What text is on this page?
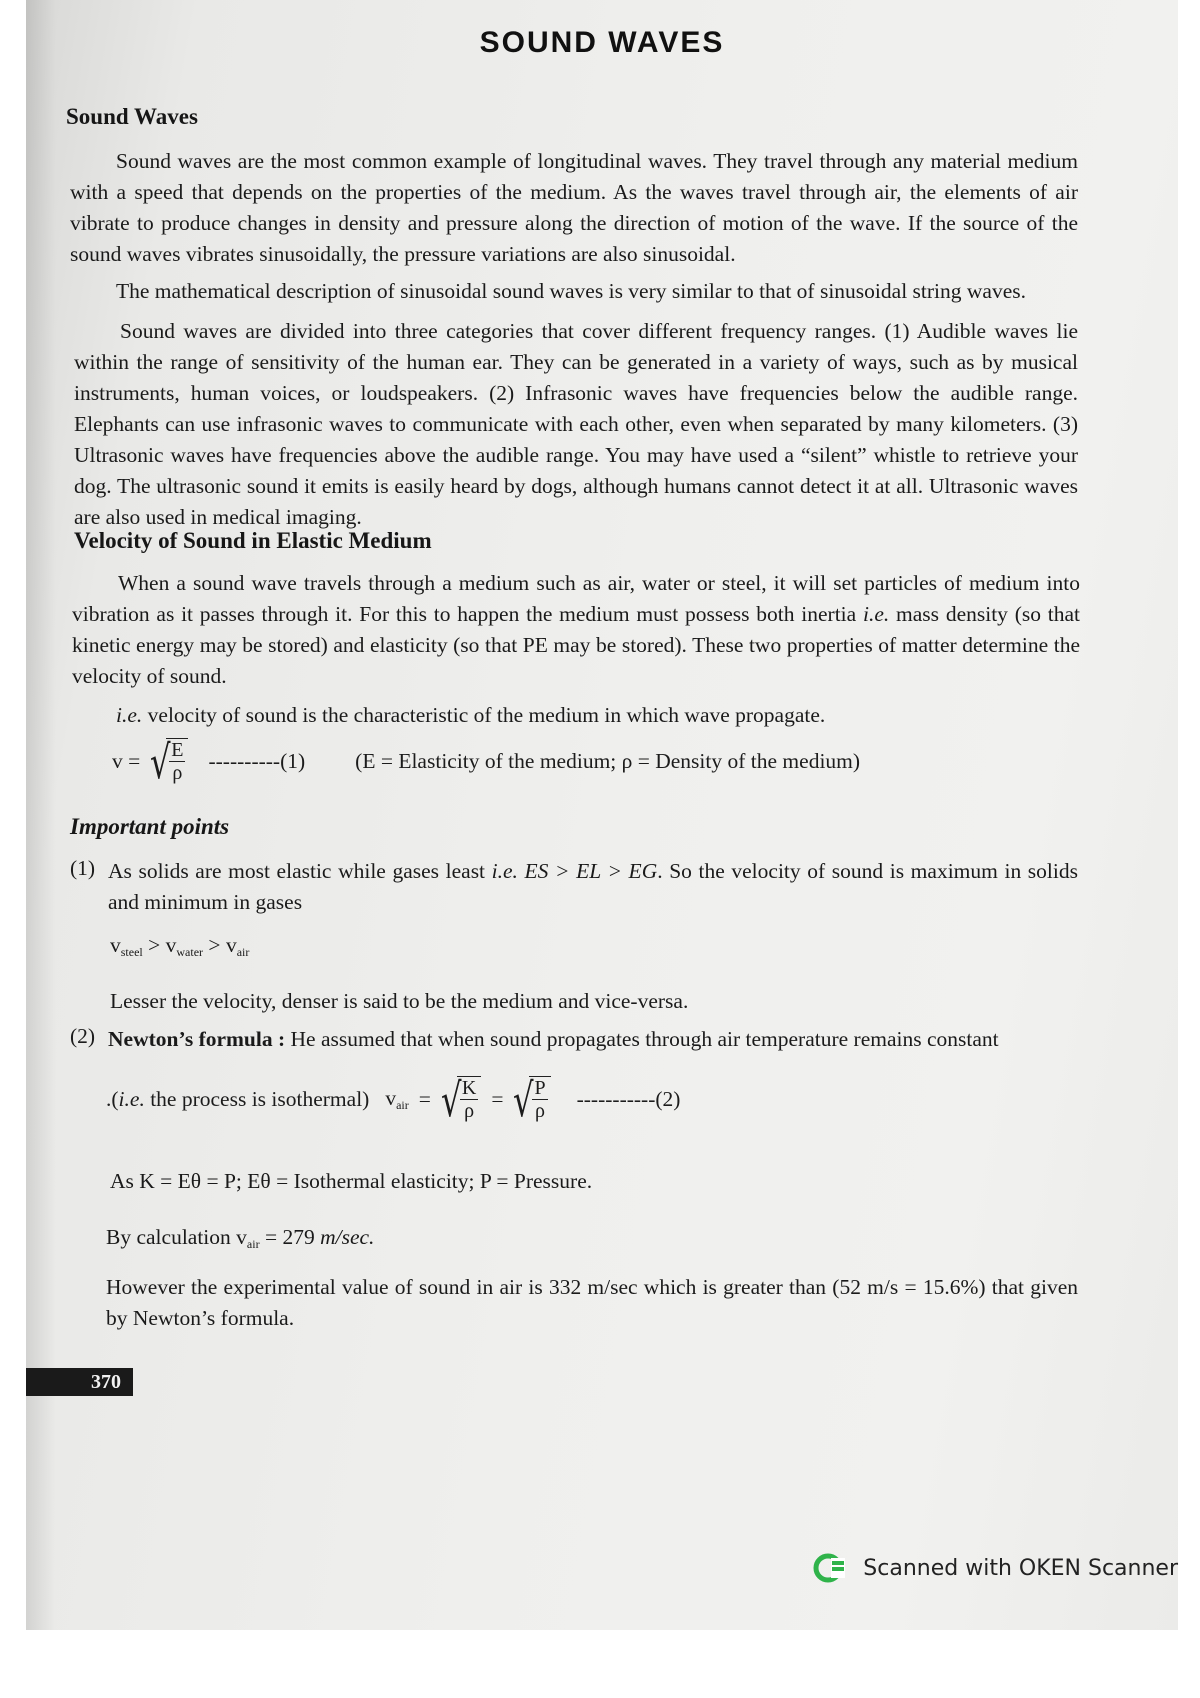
SOUND WAVES
Sound Waves
Sound waves are the most common example of longitudinal waves. They travel through any material medium with a speed that depends on the properties of the medium. As the waves travel through air, the elements of air vibrate to produce changes in density and pressure along the direction of motion of the wave. If the source of the sound waves vibrates sinusoidally, the pressure variations are also sinusoidal.
The mathematical description of sinusoidal sound waves is very similar to that of sinusoidal string waves.
Sound waves are divided into three categories that cover different frequency ranges. (1) Audible waves lie within the range of sensitivity of the human ear. They can be generated in a variety of ways, such as by musical instruments, human voices, or loudspeakers. (2) Infrasonic waves have frequencies below the audible range. Elephants can use infrasonic waves to communicate with each other, even when separated by many kilometers. (3) Ultrasonic waves have frequencies above the audible range. You may have used a “silent” whistle to retrieve your dog. The ultrasonic sound it emits is easily heard by dogs, although humans cannot detect it at all. Ultrasonic waves are also used in medical imaging.
Velocity of Sound in Elastic Medium
When a sound wave travels through a medium such as air, water or steel, it will set particles of medium into vibration as it passes through it. For this to happen the medium must possess both inertia i.e. mass density (so that kinetic energy may be stored) and elasticity (so that PE may be stored). These two properties of matter determine the velocity of sound.
i.e. velocity of sound is the characteristic of the medium in which wave propagate.
v = √
$\frac{E}{\rho} ----------(1) (E$ = Elasticity of the medium; ρ = Density of the medium)
Important points
(1) As solids are most elastic while gases least i.e. ES > EL > EG. So the velocity of sound is maximum in solids and minimum in gases
$v_{steel} > v_{water} > v_{air}$
Lesser the velocity, denser is said to be the medium and vice-versa.
(2) Newton’s formula : He assumed that when sound propagates through air temperature remains constant
.(i.e. the process is isothermal) $v_{air}$ = √
$\frac{K}{\rho}$ = √
$\frac{P}{\rho} -----------(2)$
As K = Eθ = P; Eθ = Isothermal elasticity; P = Pressure.
By calculation $v_{air} = 279$ m/sec.
However the experimental value of sound in air is 332 m/sec which is greater than (52 m/s = 15.6%) that given by Newton’s formula.
370
Scanned with OKEN Scanner
